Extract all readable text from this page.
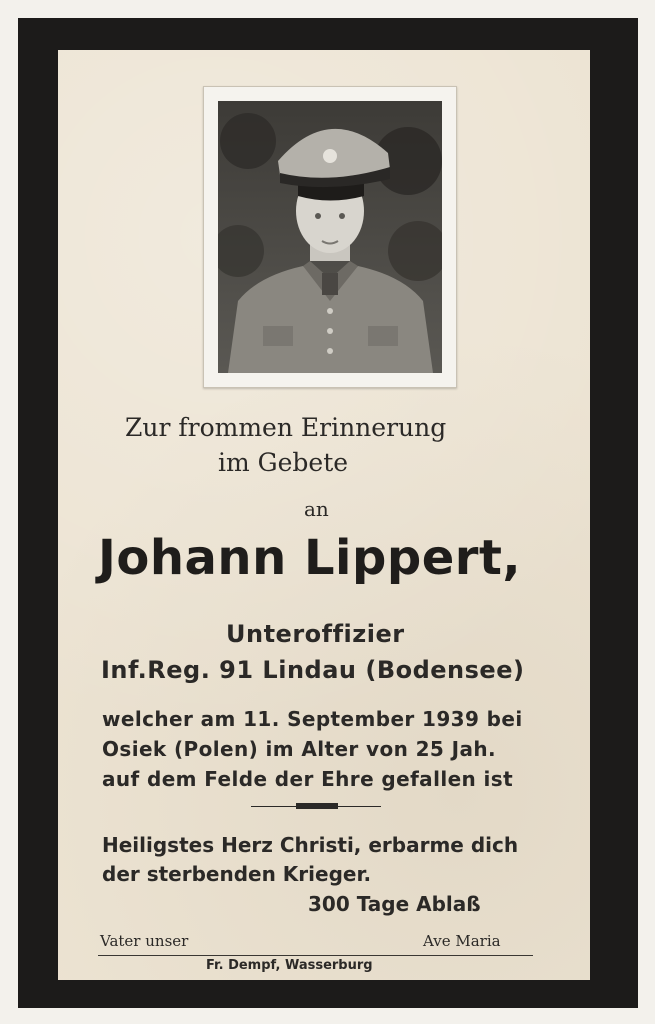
Zur frommen Erinnerung
im Gebete
an
Johann Lippert,
Unteroffizier
Inf.Reg. 91 Lindau (Bodensee)
welcher am 11. September 1939 bei
Osiek (Polen) im Alter von 25 Jah.
auf dem Felde der Ehre gefallen ist
Heiligstes Herz Christi, erbarme dich
der sterbenden Krieger.
300 Tage Ablaß
Vater unser	Ave Maria
Fr. Dempf, Wasserburg
